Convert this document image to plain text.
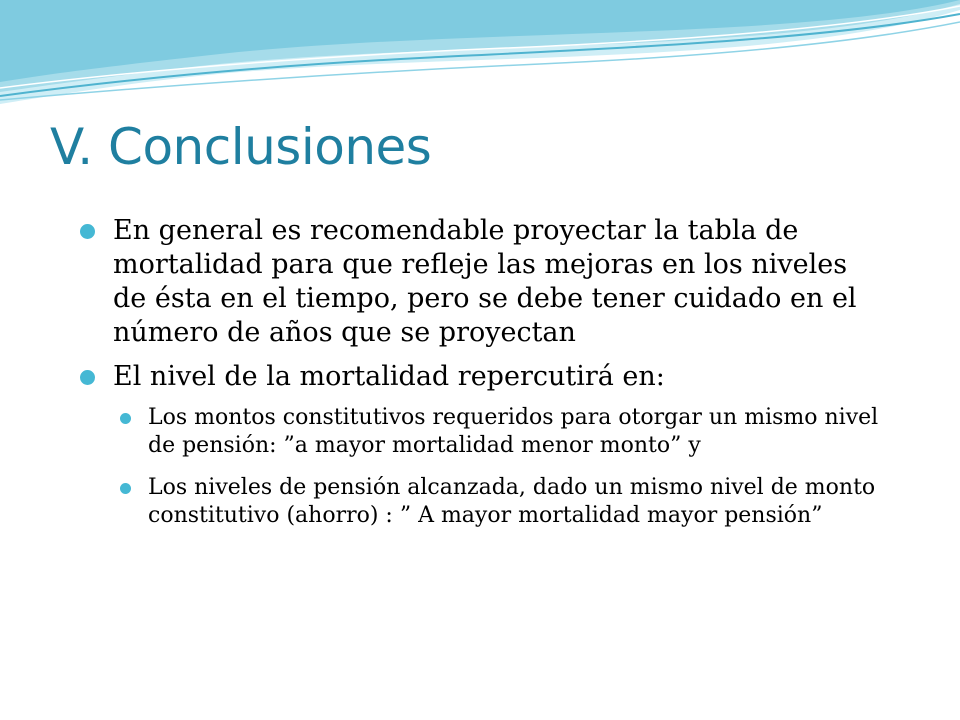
V. Conclusiones
En general es recomendable proyectar la tabla de mortalidad para que refleje las mejoras en los niveles de ésta en el tiempo, pero se debe tener cuidado en el número de años que se proyectan
El nivel de la mortalidad repercutirá en:
Los montos constitutivos requeridos para otorgar un mismo nivel de pensión: ”a mayor mortalidad menor monto” y
Los niveles de pensión alcanzada, dado un mismo nivel de monto constitutivo (ahorro) : ” A mayor mortalidad mayor pensión”
